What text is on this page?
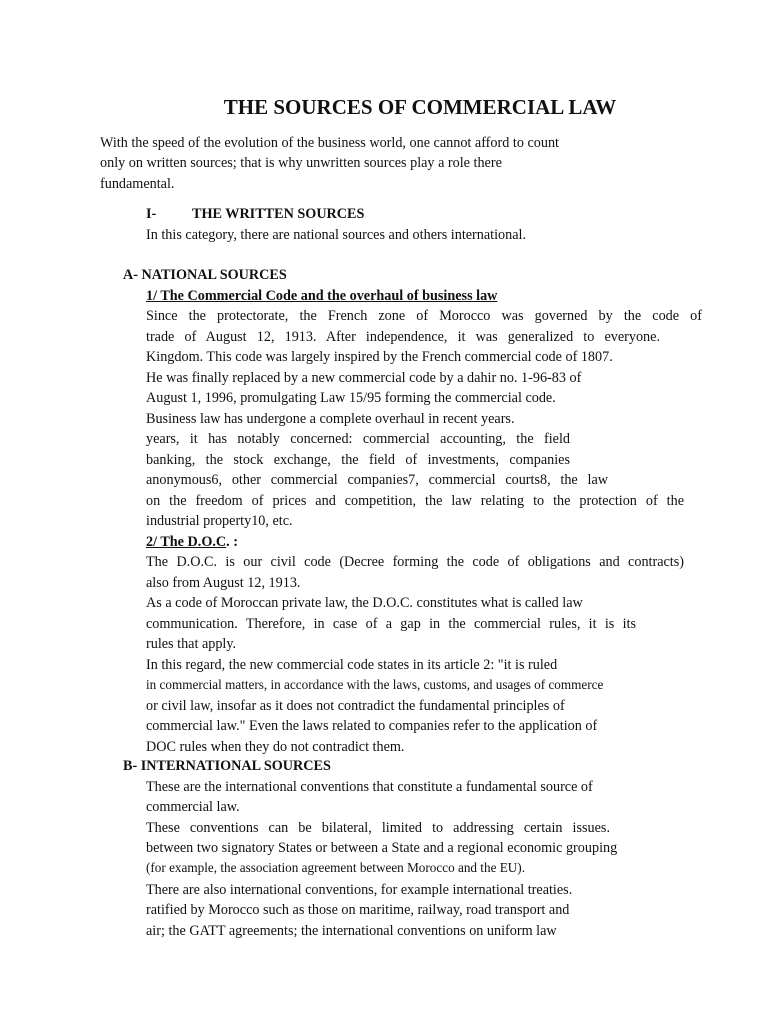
THE SOURCES OF COMMERCIAL LAW
With the speed of the evolution of the business world, one cannot afford to count
only on written sources; that is why unwritten sources play a role there
fundamental.
I-	THE WRITTEN SOURCES
In this category, there are national sources and others international.
A- NATIONAL SOURCES
1/ The Commercial Code and the overhaul of business law
Since the protectorate, the French zone of Morocco was governed by the code of
trade of August 12, 1913. After independence, it was generalized to everyone.
Kingdom. This code was largely inspired by the French commercial code of 1807.
He was finally replaced by a new commercial code by a dahir no. 1-96-83 of
August 1, 1996, promulgating Law 15/95 forming the commercial code.
Business law has undergone a complete overhaul in recent years.
years, it has notably concerned: commercial accounting, the field
banking, the stock exchange, the field of investments, companies
anonymous6, other commercial companies7, commercial courts8, the law
on the freedom of prices and competition, the law relating to the protection of the
industrial property10, etc.
2/ The D.O.C. :
The D.O.C. is our civil code (Decree forming the code of obligations and contracts)
also from August 12, 1913.
As a code of Moroccan private law, the D.O.C. constitutes what is called law
communication. Therefore, in case of a gap in the commercial rules, it is its
rules that apply.
In this regard, the new commercial code states in its article 2: "it is ruled
in commercial matters, in accordance with the laws, customs, and usages of commerce
or civil law, insofar as it does not contradict the fundamental principles of
commercial law." Even the laws related to companies refer to the application of
DOC rules when they do not contradict them.
B- INTERNATIONAL SOURCES
These are the international conventions that constitute a fundamental source of
commercial law.
These conventions can be bilateral, limited to addressing certain issues.
between two signatory States or between a State and a regional economic grouping
(for example, the association agreement between Morocco and the EU).
There are also international conventions, for example international treaties.
ratified by Morocco such as those on maritime, railway, road transport and
air; the GATT agreements; the international conventions on uniform law
